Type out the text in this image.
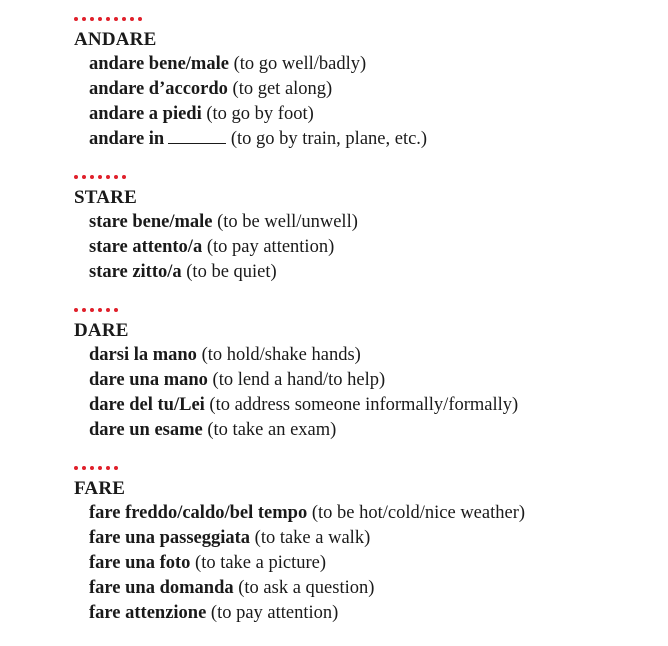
ANDARE
andare bene/male (to go well/badly)
andare d’accordo (to get along)
andare a piedi (to go by foot)
andare in	(to go by train, plane, etc.)
STARE
stare bene/male (to be well/unwell)
stare attento/a (to pay attention)
stare zitto/a (to be quiet)
DARE
darsi la mano (to hold/shake hands)
dare una mano (to lend a hand/to help)
dare del tu/Lei (to address someone informally/formally)
dare un esame (to take an exam)
FARE
fare freddo/caldo/bel tempo (to be hot/cold/nice weather)
fare una passeggiata (to take a walk)
fare una foto (to take a picture)
fare una domanda (to ask a question)
fare attenzione (to pay attention)
